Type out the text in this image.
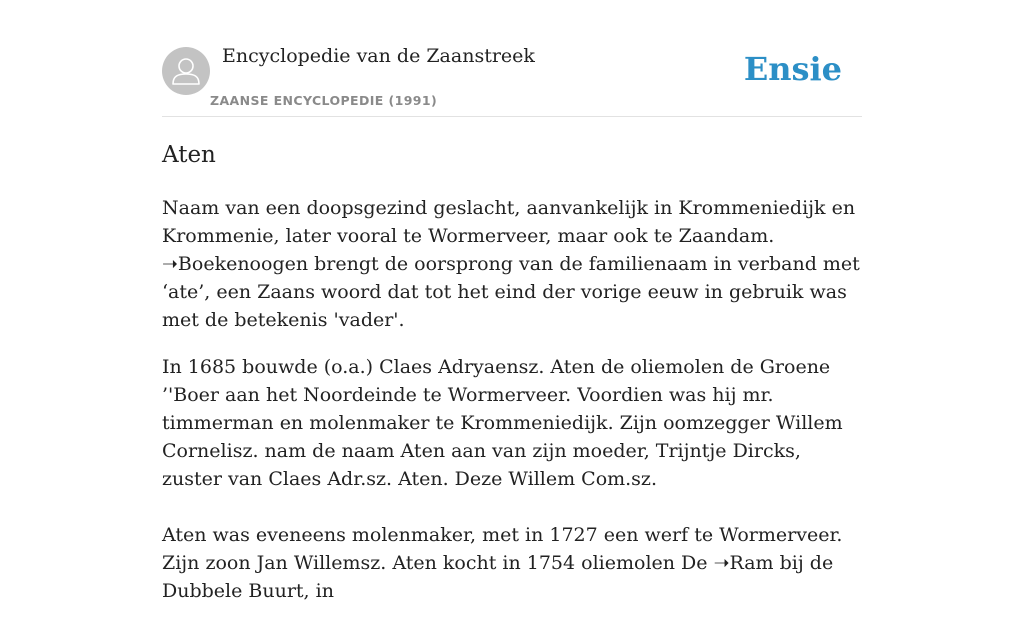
Encyclopedie van de Zaanstreek
ZAANSE ENCYCLOPEDIE (1991)
Ensie
Aten

Naam van een doopsgezind geslacht, aanvankelijk in Krommeniedijk en Krommenie, later vooral te Wormerveer, maar ook te Zaandam. ➝Boekenoogen brengt de oorsprong van de familienaam in verband met ‘ate’, een Zaans woord dat tot het eind der vorige eeuw in gebruik was met de betekenis 'vader'.

In 1685 bouwde (o.a.) Claes Adryaensz. Aten de oliemolen de Groene ’'Boer aan het Noordeinde te Wormerveer. Voordien was hij mr. timmerman en molenmaker te Krommeniedijk. Zijn oomzegger Willem Cornelisz. nam de naam Aten aan van zijn moeder, Trijntje Dircks, zuster van Claes Adr.sz. Aten. Deze Willem Com.sz.

Aten was eveneens molenmaker, met in 1727 een werf te Wormerveer. Zijn zoon Jan Willemsz. Aten kocht in 1754 oliemolen De ➝Ram bij de Dubbele Buurt, in
